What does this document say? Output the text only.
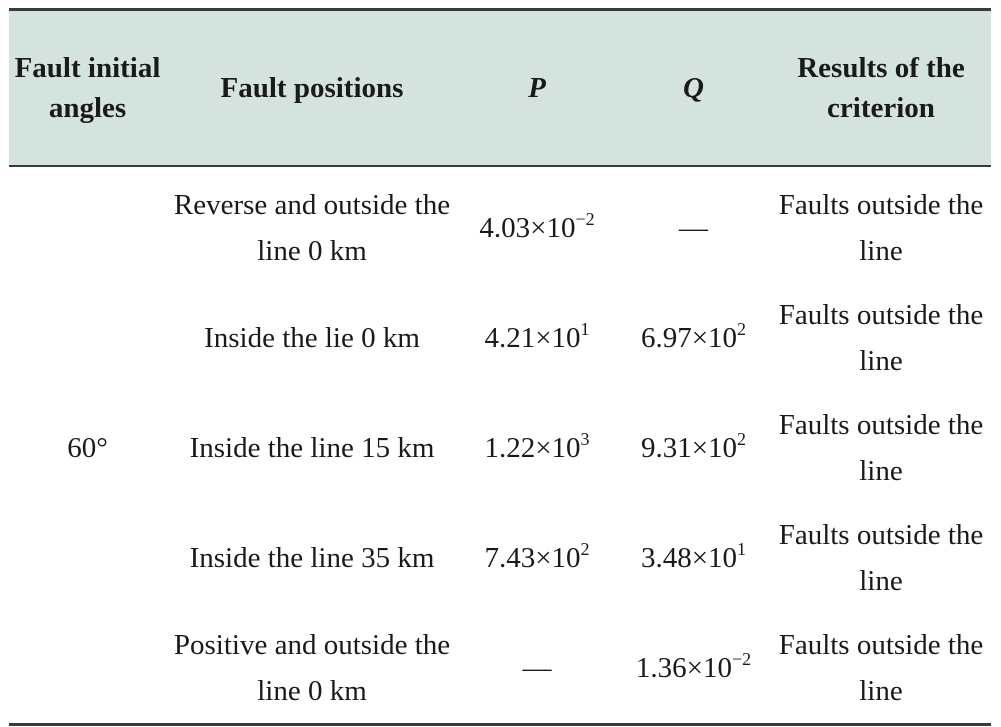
Fault initial angles	Fault positions	P	Q	Results of the criterion
60°	Reverse and outside the line 0 km	$4.03\times 10^{-2}$	—	Faults outside the line
	Inside the lie 0 km	$4.21\times 10^1$	$6.97\times 10^2$	Faults outside the line
	Inside the line 15 km	$1.22\times 10^3$	$9.31\times 10^2$	Faults outside the line
	Inside the line 35 km	$7.43\times 10^2$	$3.48\times 10^1$	Faults outside the line
	Positive and outside the line 0 km	—	$1.36\times 10^{-2}$	Faults outside the line
